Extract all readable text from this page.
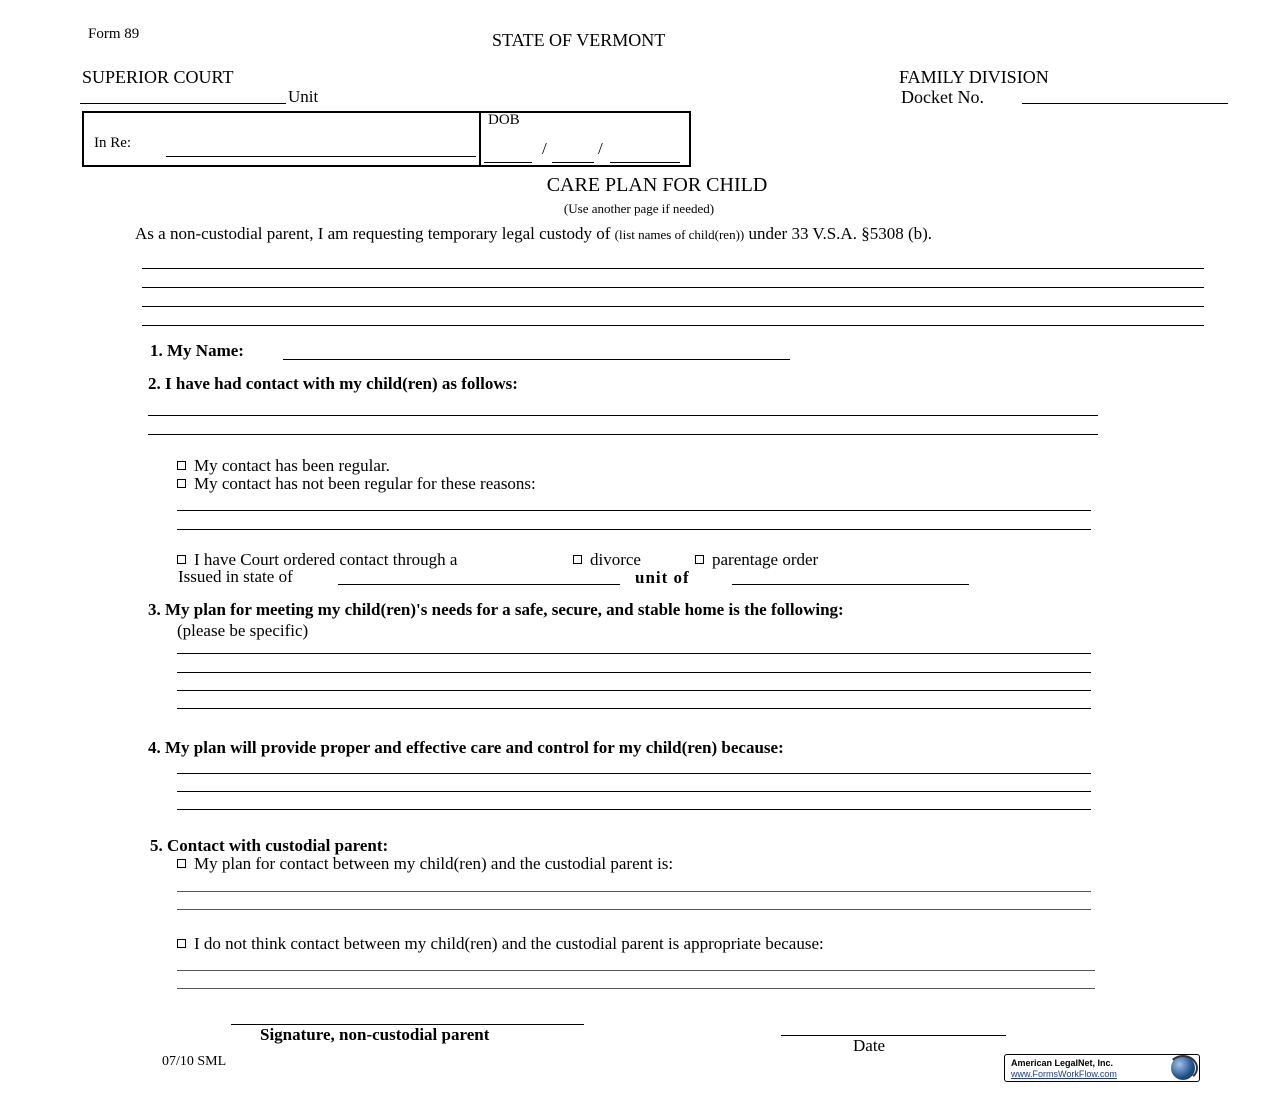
Form 89	STATE OF VERMONT
SUPERIOR COURT
Unit
FAMILY DIVISION
Docket No.
In Re:
DOB
/	/
CARE PLAN FOR CHILD
(Use another page if needed)
As a non-custodial parent, I am requesting temporary legal custody of (list names of child(ren)) under 33 V.S.A. §5308 (b).
1. My Name:
2. I have had contact with my child(ren) as follows:
My contact has been regular.
My contact has not been regular for these reasons:
I have Court ordered contact through a	divorce	parentage order
Issued in state of	unit of
3. My plan for meeting my child(ren)'s needs for a safe, secure, and stable home is the following:
(please be specific)
4. My plan will provide proper and effective care and control for my child(ren) because:
5. Contact with custodial parent:
My plan for contact between my child(ren) and the custodial parent is:
I do not think contact between my child(ren) and the custodial parent is appropriate because:
Signature, non-custodial parent
Date
07/10 SML	American LegalNet, Inc.
www.FormsWorkFlow.com
